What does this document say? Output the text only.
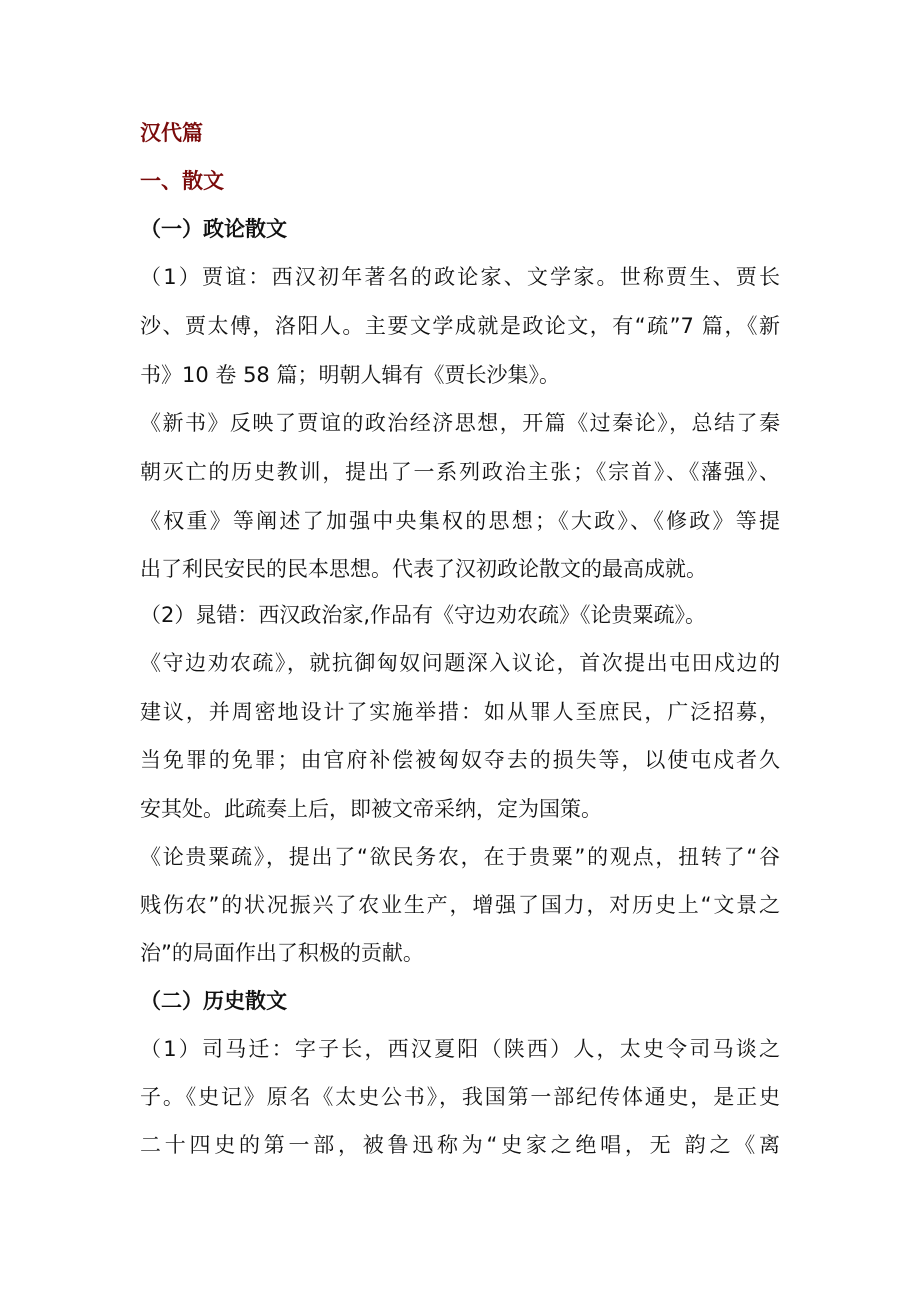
汉代篇
一、散文
（一）政论散文
（1）贾谊：西汉初年著名的政论家、文学家。世称贾生、贾长
沙、贾太傅，洛阳人。主要文学成就是政论文，有“疏”7 篇，《新
书》10 卷 58 篇；明朝人辑有《贾长沙集》。
《新书》反映了贾谊的政治经济思想，开篇《过秦论》，总结了秦
朝灭亡的历史教训，提出了一系列政治主张；《宗首》、《藩强》、
《权重》等阐述了加强中央集权的思想；《大政》、《修政》等提
出了利民安民的民本思想。代表了汉初政论散文的最高成就。
（2）晁错：西汉政治家,作品有《守边劝农疏》《论贵粟疏》。
《守边劝农疏》，就抗御匈奴问题深入议论，首次提出屯田戍边的
建议，并周密地设计了实施举措：如从罪人至庶民，广泛招募，
当免罪的免罪；由官府补偿被匈奴夺去的损失等，以使屯戍者久
安其处。此疏奏上后，即被文帝采纳，定为国策。
《论贵粟疏》，提出了“欲民务农，在于贵粟”的观点，扭转了“谷
贱伤农”的状况振兴了农业生产，增强了国力，对历史上“文景之
治”的局面作出了积极的贡献。
（二）历史散文
（1）司马迁：字子长，西汉夏阳（陕西）人，太史令司马谈之
子。《史记》原名《太史公书》，我国第一部纪传体通史，是正史
二十四史的第一部，被鲁迅称为“史家之绝唱，无 韵之《离
